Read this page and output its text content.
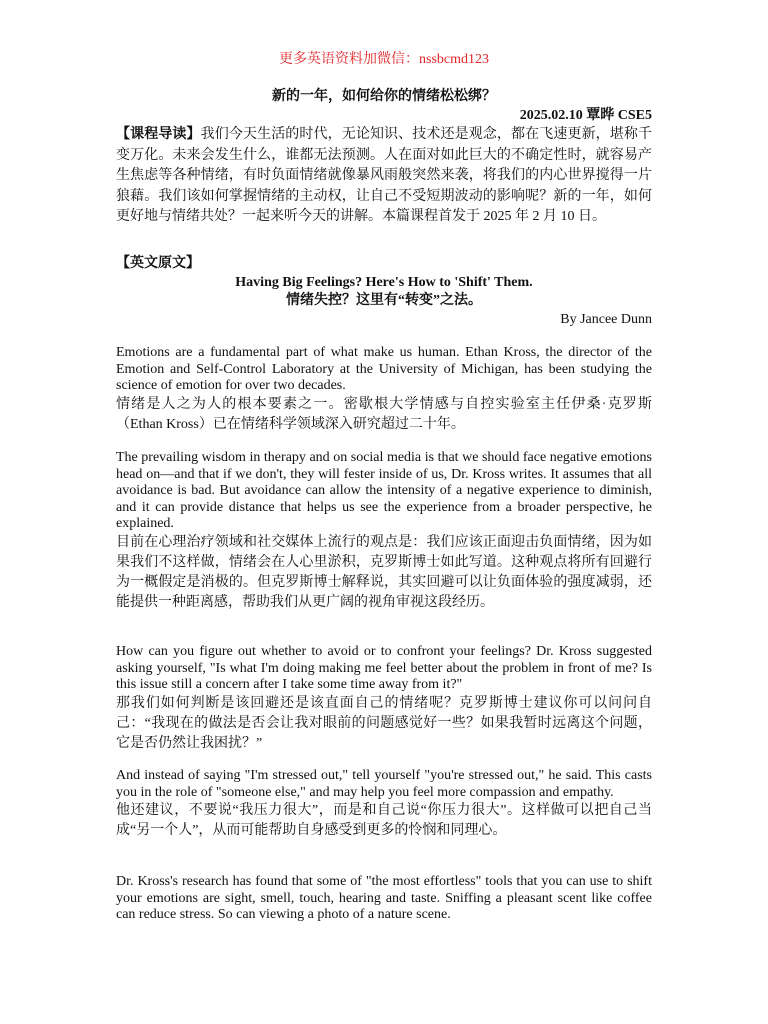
更多英语资料加微信：nssbcmd123
新的一年，如何给你的情绪松松绑？
2025.02.10 覃晔 CSE5
【课程导读】我们今天生活的时代，无论知识、技术还是观念，都在飞速更新，堪称千变万化。未来会发生什么，谁都无法预测。人在面对如此巨大的不确定性时，就容易产生焦虑等各种情绪，有时负面情绪就像暴风雨般突然来袭，将我们的内心世界搅得一片狼藉。我们该如何掌握情绪的主动权，让自己不受短期波动的影响呢？新的一年，如何更好地与情绪共处？一起来听今天的讲解。本篇课程首发于 2025 年 2 月 10 日。
【英文原文】
Having Big Feelings? Here's How to 'Shift' Them.
情绪失控？这里有“转变”之法。
By Jancee Dunn

Emotions are a fundamental part of what make us human. Ethan Kross, the director of the Emotion and Self-Control Laboratory at the University of Michigan, has been studying the science of emotion for over two decades.

情绪是人之为人的根本要素之一。密歇根大学情感与自控实验室主任伊桑·克罗斯（Ethan Kross）已在情绪科学领域深入研究超过二十年。

The prevailing wisdom in therapy and on social media is that we should face negative emotions head on—and that if we don't, they will fester inside of us, Dr. Kross writes. It assumes that all avoidance is bad. But avoidance can allow the intensity of a negative experience to diminish, and it can provide distance that helps us see the experience from a broader perspective, he explained.

目前在心理治疗领域和社交媒体上流行的观点是：我们应该正面迎击负面情绪，因为如果我们不这样做，情绪会在人心里淤积，克罗斯博士如此写道。这种观点将所有回避行为一概假定是消极的。但克罗斯博士解释说，其实回避可以让负面体验的强度减弱，还能提供一种距离感，帮助我们从更广阔的视角审视这段经历。

How can you figure out whether to avoid or to confront your feelings? Dr. Kross suggested asking yourself, "Is what I'm doing making me feel better about the problem in front of me? Is this issue still a concern after I take some time away from it?"

那我们如何判断是该回避还是该直面自己的情绪呢？克罗斯博士建议你可以问问自己：“我现在的做法是否会让我对眼前的问题感觉好一些？如果我暂时远离这个问题，它是否仍然让我困扰？”

And instead of saying "I'm stressed out," tell yourself "you're stressed out," he said. This casts you in the role of "someone else," and may help you feel more compassion and empathy.

他还建议，不要说“我压力很大”，而是和自己说“你压力很大”。这样做可以把自己当成“另一个人”，从而可能帮助自身感受到更多的怜悯和同理心。

Dr. Kross's research has found that some of "the most effortless" tools that you can use to shift your emotions are sight, smell, touch, hearing and taste. Sniffing a pleasant scent like coffee can reduce stress. So can viewing a photo of a nature scene.
